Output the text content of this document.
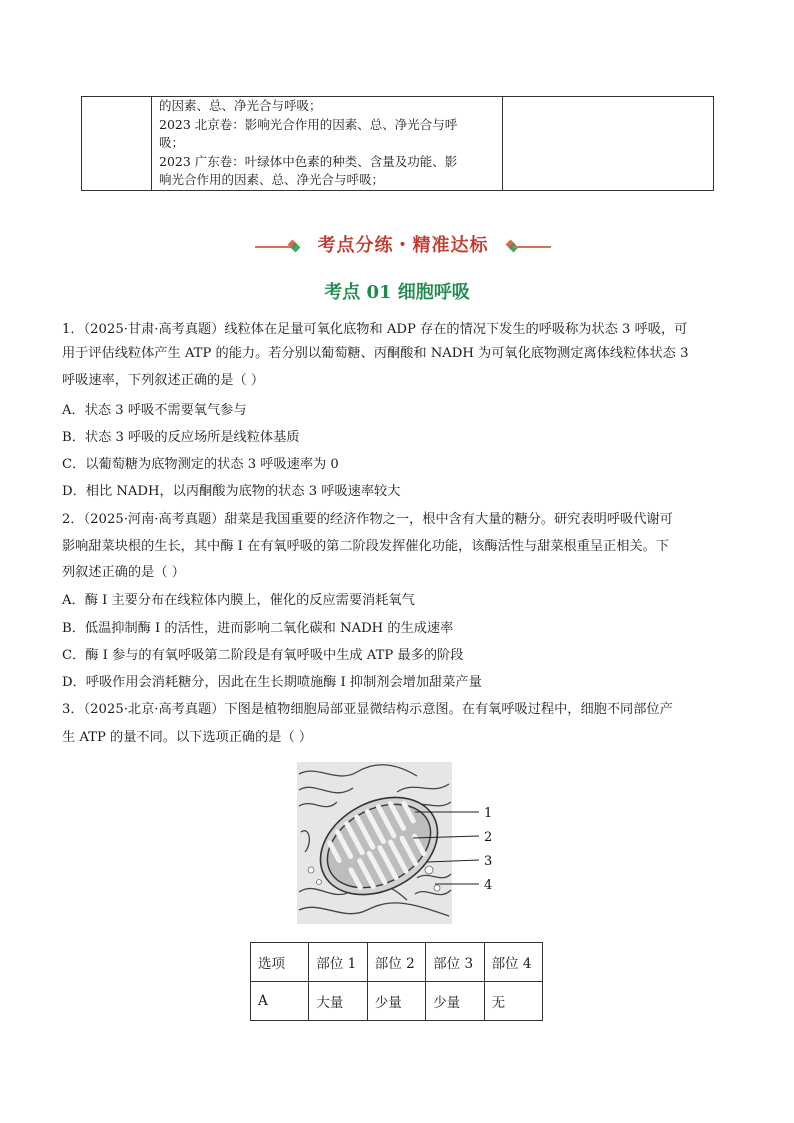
的因素、总、净光合与呼吸；
2023 北京卷：影响光合作用的因素、总、净光合与呼
吸；
2023 广东卷：叶绿体中色素的种类、含量及功能、影
响光合作用的因素、总、净光合与呼吸；

考点分练・精准达标
考点 01 细胞呼吸
1．（2025·甘肃·高考真题）线粒体在足量可氧化底物和 ADP 存在的情况下发生的呼吸称为状态 3 呼吸，可
用于评估线粒体产生 ATP 的能力。若分别以葡萄糖、丙酮酸和 NADH 为可氧化底物测定离体线粒体状态 3
呼吸速率，下列叙述正确的是（ ）
A．状态 3 呼吸不需要氧气参与
B．状态 3 呼吸的反应场所是线粒体基质
C．以葡萄糖为底物测定的状态 3 呼吸速率为 0
D．相比 NADH，以丙酮酸为底物的状态 3 呼吸速率较大
2．（2025·河南·高考真题）甜菜是我国重要的经济作物之一，根中含有大量的糖分。研究表明呼吸代谢可
影响甜菜块根的生长，其中酶 I 在有氧呼吸的第二阶段发挥催化功能，该酶活性与甜菜根重呈正相关。下
列叙述正确的是（ ）
A．酶 I 主要分布在线粒体内膜上，催化的反应需要消耗氧气
B．低温抑制酶 I 的活性，进而影响二氧化碳和 NADH 的生成速率
C．酶 I 参与的有氧呼吸第二阶段是有氧呼吸中生成 ATP 最多的阶段
D．呼吸作用会消耗糖分，因此在生长期喷施酶 I 抑制剂会增加甜菜产量
3．（2025·北京·高考真题）下图是植物细胞局部亚显微结构示意图。在有氧呼吸过程中，细胞不同部位产
生 ATP 的量不同。以下选项正确的是（ ）
1
2
3
4
选项	部位 1	部位 2	部位 3	部位 4
A	大量	少量	少量	无
